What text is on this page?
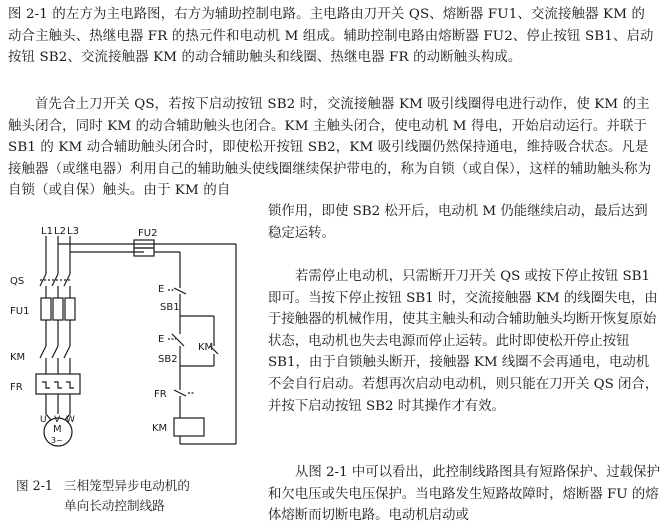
图 2-1 的左方为主电路图，右方为辅助控制电路。主电路由刀开关 QS、熔断器 FU1、交流接触器 KM 的动合主触头、热继电器 FR 的热元件和电动机 M 组成。辅助控制电路由熔断器 FU2、停止按钮 SB1、启动按钮 SB2、交流接触器 KM 的动合辅助触头和线圈、热继电器 FR 的动断触头构成。

首先合上刀开关 QS，若按下启动按钮 SB2 时，交流接触器 KM 吸引线圈得电进行动作，使 KM 的主触头闭合，同时 KM 的动合辅助触头也闭合。KM 主触头闭合，使电动机 M 得电，开始启动运行。并联于 SB1 的 KM 动合辅助触头闭合时，即使松开按钮 SB2，KM 吸引线圈仍然保持通电，维持吸合状态。凡是接触器（或继电器）利用自己的辅助触头使线圈继续保护带电的，称为自锁（或自保），这样的辅助触头称为自锁（或自保）触头。由于 KM 的自

锁作用，即使 SB2 松开后，电动机 M 仍能继续启动，最后达到稳定运转。

若需停止电动机，只需断开刀开关 QS 或按下停止按钮 SB1 即可。当按下停止按钮 SB1 时，交流接触器 KM 的线圈失电，由于接触器的机械作用，使其主触头和动合辅助触头均断开恢复原始状态，电动机也失去电源而停止运转。此时即使松开停止按钮 SB1，由于自锁触头断开，接触器 KM 线圈不会再通电，电动机不会自行启动。若想再次启动电动机，则只能在刀开关 QS 闭合，并按下启动按钮 SB2 时其操作才有效。

从图 2-1 中可以看出，此控制线路图具有短路保护、过载保护和欠电压或失电压保护。当电路发生短路故障时，熔断器 FU 的熔体熔断而切断电路。电动机启动或

L1 L2 L3
QS
FU1
KM
FR
U V W
M
3~
FU2
E
SB1
E
SB2
KM
FR
KM

图 2-1 三相笼型异步电动机的
单向长动控制线路
